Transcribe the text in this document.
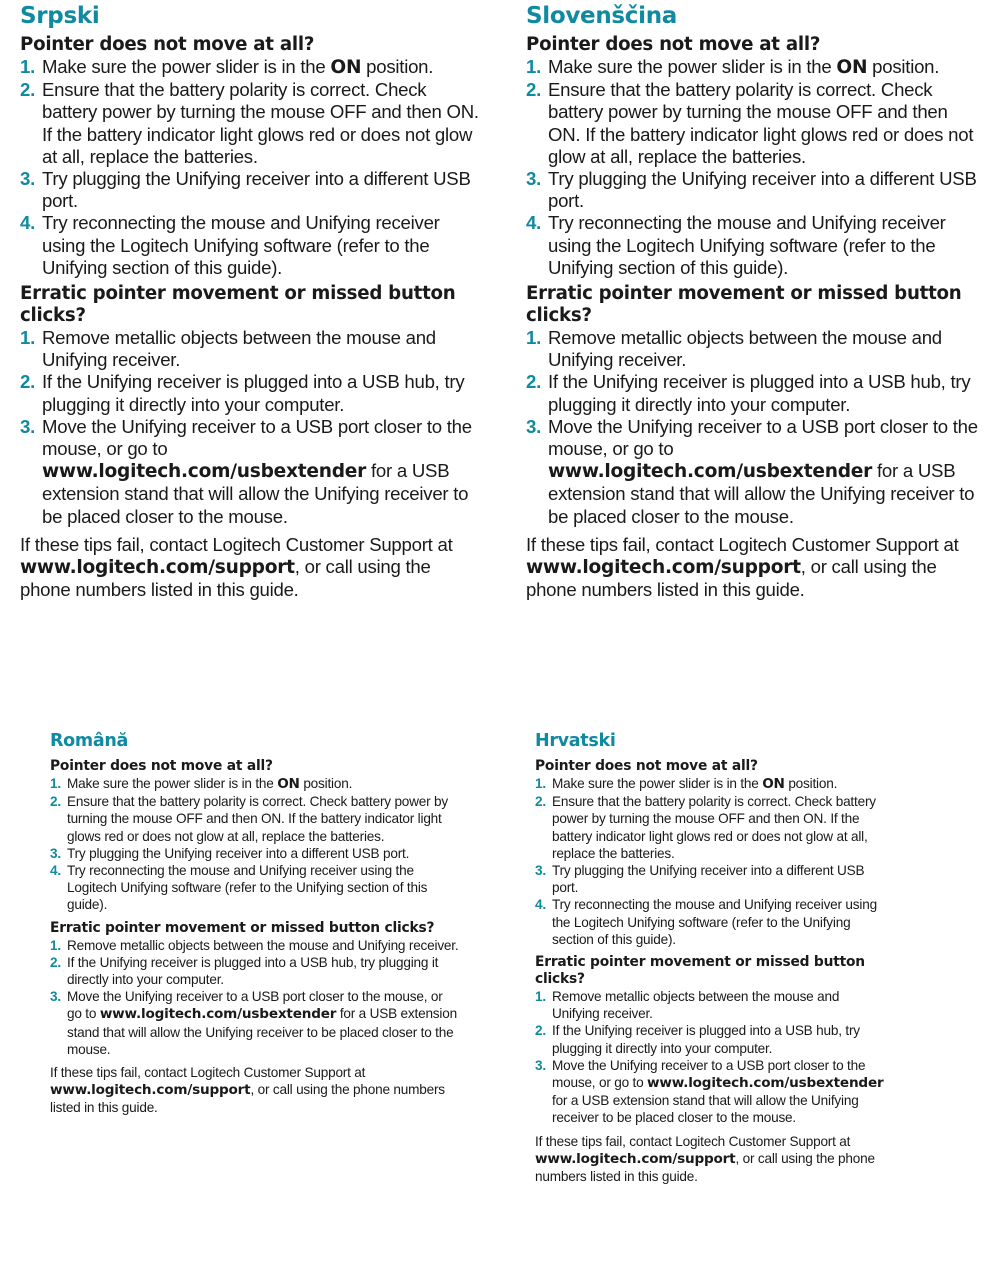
Srpski
Pointer does not move at all?
1. Make sure the power slider is in the ON position.
2. Ensure that the battery polarity is correct. Check battery power by turning the mouse OFF and then ON. If the battery indicator light glows red or does not glow at all, replace the batteries.
3. Try plugging the Unifying receiver into a different USB port.
4. Try reconnecting the mouse and Unifying receiver using the Logitech Unifying software (refer to the Unifying section of this guide).
Erratic pointer movement or missed button clicks?
1. Remove metallic objects between the mouse and Unifying receiver.
2. If the Unifying receiver is plugged into a USB hub, try plugging it directly into your computer.
3. Move the Unifying receiver to a USB port closer to the mouse, or go to www.logitech.com/usbextender for a USB extension stand that will allow the Unifying receiver to be placed closer to the mouse.

If these tips fail, contact Logitech Customer Support at www.logitech.com/support, or call using the phone numbers listed in this guide.

Slovenščina
Pointer does not move at all?
1. Make sure the power slider is in the ON position.
2. Ensure that the battery polarity is correct. Check battery power by turning the mouse OFF and then ON. If the battery indicator light glows red or does not glow at all, replace the batteries.
3. Try plugging the Unifying receiver into a different USB port.
4. Try reconnecting the mouse and Unifying receiver using the Logitech Unifying software (refer to the Unifying section of this guide).
Erratic pointer movement or missed button clicks?
1. Remove metallic objects between the mouse and Unifying receiver.
2. If the Unifying receiver is plugged into a USB hub, try plugging it directly into your computer.
3. Move the Unifying receiver to a USB port closer to the mouse, or go to www.logitech.com/usbextender for a USB extension stand that will allow the Unifying receiver to be placed closer to the mouse.

If these tips fail, contact Logitech Customer Support at www.logitech.com/support, or call using the phone numbers listed in this guide.

Română
Pointer does not move at all?
1. Make sure the power slider is in the ON position.
2. Ensure that the battery polarity is correct. Check battery power by turning the mouse OFF and then ON. If the battery indicator light glows red or does not glow at all, replace the batteries.
3. Try plugging the Unifying receiver into a different USB port.
4. Try reconnecting the mouse and Unifying receiver using the Logitech Unifying software (refer to the Unifying section of this guide).
Erratic pointer movement or missed button clicks?
1. Remove metallic objects between the mouse and Unifying receiver.
2. If the Unifying receiver is plugged into a USB hub, try plugging it directly into your computer.
3. Move the Unifying receiver to a USB port closer to the mouse, or go to www.logitech.com/usbextender for a USB extension stand that will allow the Unifying receiver to be placed closer to the mouse.

If these tips fail, contact Logitech Customer Support at www.logitech.com/support, or call using the phone numbers listed in this guide.

Hrvatski
Pointer does not move at all?
1. Make sure the power slider is in the ON position.
2. Ensure that the battery polarity is correct. Check battery power by turning the mouse OFF and then ON. If the battery indicator light glows red or does not glow at all, replace the batteries.
3. Try plugging the Unifying receiver into a different USB port.
4. Try reconnecting the mouse and Unifying receiver using the Logitech Unifying software (refer to the Unifying section of this guide).
Erratic pointer movement or missed button clicks?
1. Remove metallic objects between the mouse and Unifying receiver.
2. If the Unifying receiver is plugged into a USB hub, try plugging it directly into your computer.
3. Move the Unifying receiver to a USB port closer to the mouse, or go to www.logitech.com/usbextender for a USB extension stand that will allow the Unifying receiver to be placed closer to the mouse.

If these tips fail, contact Logitech Customer Support at www.logitech.com/support, or call using the phone numbers listed in this guide.
